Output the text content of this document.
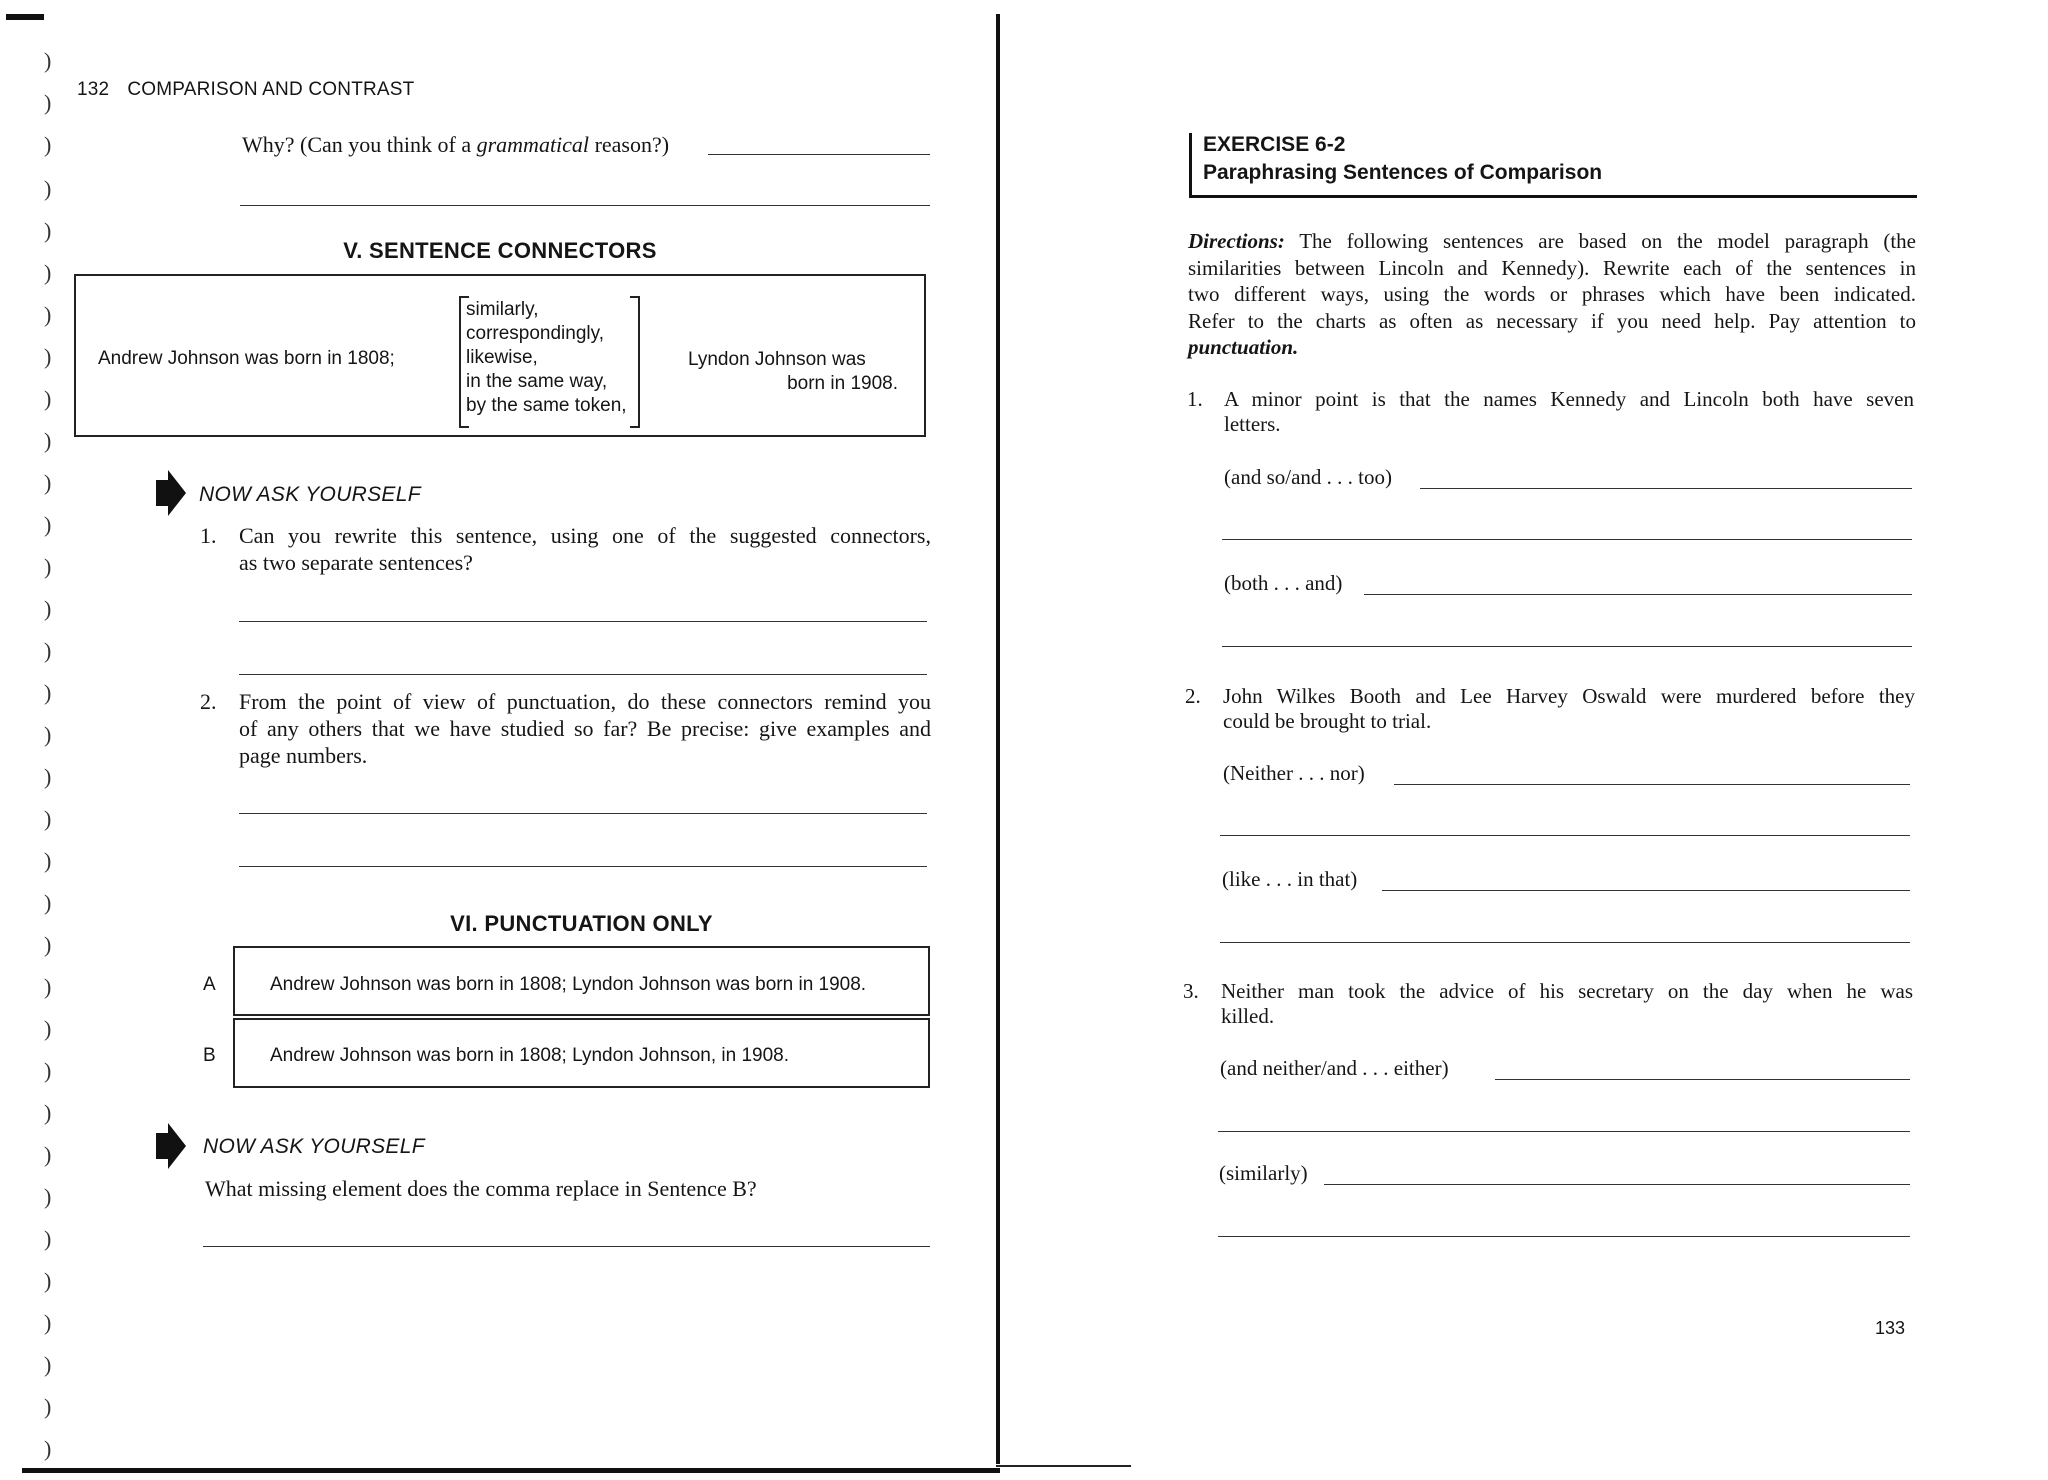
)
)
)
)
)
)
)
)
)
)
)
)
)
)
)
)
)
)
)
)
)
)
)
)
)
)
)
)
)
)
)
)
)
)
132 COMPARISON AND CONTRAST
Why? (Can you think of a grammatical reason?)
V. SENTENCE CONNECTORS
Andrew Johnson was born in 1808;
similarly,
correspondingly,
likewise,
in the same way,
by the same token,
Lyndon Johnson was
born in 1908.
NOW ASK YOURSELF
1. Can you rewrite this sentence, using one of the suggested connectors,
as two separate sentences?
2. From the point of view of punctuation, do these connectors remind you
of any others that we have studied so far? Be precise: give examples and
page numbers.
VI. PUNCTUATION ONLY
A	Andrew Johnson was born in 1808; Lyndon Johnson was born in 1908.
B	Andrew Johnson was born in 1808; Lyndon Johnson, in 1908.
NOW ASK YOURSELF
What missing element does the comma replace in Sentence B?
EXERCISE 6-2
Paraphrasing Sentences of Comparison
Directions: The following sentences are based on the model paragraph (the
similarities between Lincoln and Kennedy). Rewrite each of the sentences in
two different ways, using the words or phrases which have been indicated.
Refer to the charts as often as necessary if you need help. Pay attention to
punctuation.
1. A minor point is that the names Kennedy and Lincoln both have seven
letters.
(and so/and . . . too)
(both . . . and)
2. John Wilkes Booth and Lee Harvey Oswald were murdered before they
could be brought to trial.
(Neither . . . nor)
(like . . . in that)
3. Neither man took the advice of his secretary on the day when he was
killed.
(and neither/and . . . either)
(similarly)
133
